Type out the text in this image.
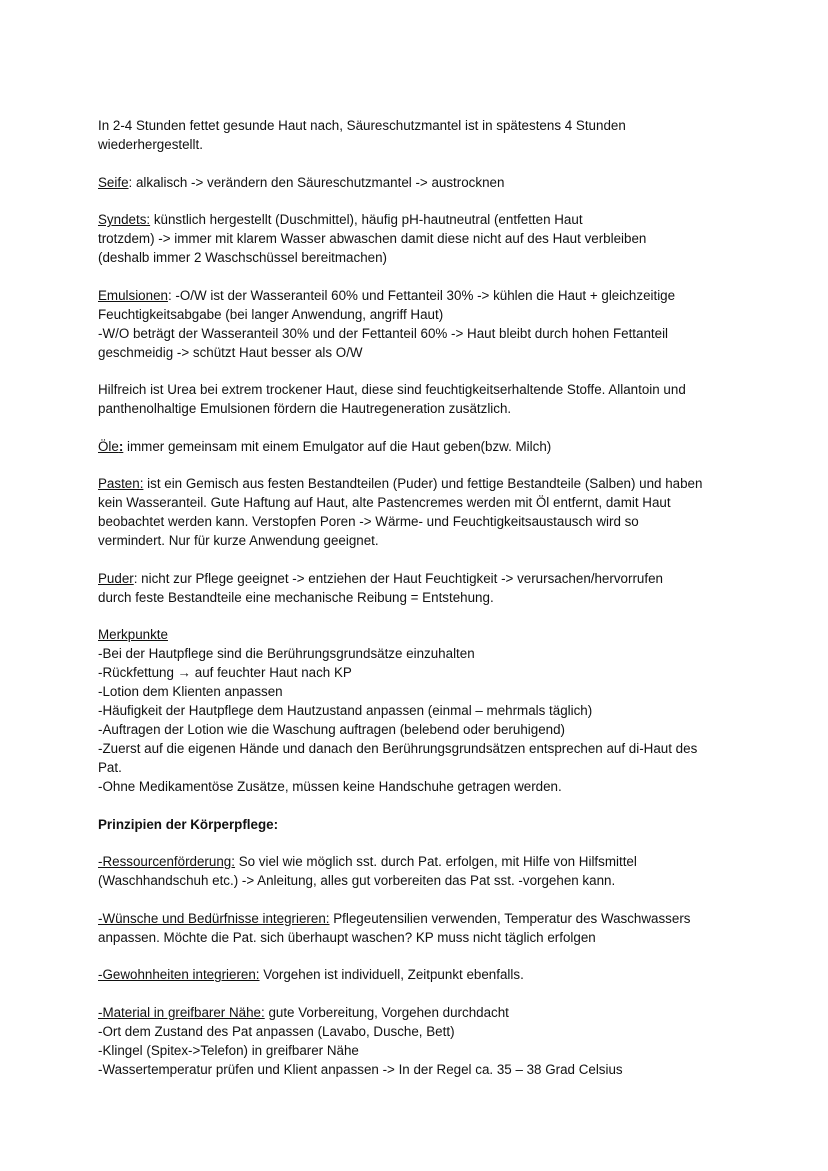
In 2-4 Stunden fettet gesunde Haut nach, Säureschutzmantel ist in spätestens 4 Stunden
wiederhergestellt.

Seife: alkalisch -> verändern den Säureschutzmantel -> austrocknen

Syndets: künstlich hergestellt (Duschmittel), häufig pH-hautneutral (entfetten Haut
trotzdem) -> immer mit klarem Wasser abwaschen damit diese nicht auf des Haut verbleiben
(deshalb immer 2 Waschschüssel bereitmachen)

Emulsionen: -O/W ist der Wasseranteil 60% und Fettanteil 30% -> kühlen die Haut + gleichzeitige
Feuchtigkeitsabgabe (bei langer Anwendung, angriff Haut)
-W/O beträgt der Wasseranteil 30% und der Fettanteil 60% -> Haut bleibt durch hohen Fettanteil
geschmeidig -> schützt Haut besser als O/W

Hilfreich ist Urea bei extrem trockener Haut, diese sind feuchtigkeitserhaltende Stoffe. Allantoin und
panthenolhaltige Emulsionen fördern die Hautregeneration zusätzlich.

Öle: immer gemeinsam mit einem Emulgator auf die Haut geben(bzw. Milch)

Pasten: ist ein Gemisch aus festen Bestandteilen (Puder) und fettige Bestandteile (Salben) und haben
kein Wasseranteil. Gute Haftung auf Haut, alte Pastencremes werden mit Öl entfernt, damit Haut
beobachtet werden kann. Verstopfen Poren -> Wärme- und Feuchtigkeitsaustausch wird so
vermindert. Nur für kurze Anwendung geeignet.

Puder: nicht zur Pflege geeignet -> entziehen der Haut Feuchtigkeit -> verursachen/hervorrufen
durch feste Bestandteile eine mechanische Reibung = Entstehung.

Merkpunkte
-Bei der Hautpflege sind die Berührungsgrundsätze einzuhalten
-Rückfettung → auf feuchter Haut nach KP
-Lotion dem Klienten anpassen
-Häufigkeit der Hautpflege dem Hautzustand anpassen (einmal – mehrmals täglich)
-Auftragen der Lotion wie die Waschung auftragen (belebend oder beruhigend)
-Zuerst auf die eigenen Hände und danach den Berührungsgrundsätzen entsprechen auf di-Haut des
Pat.
-Ohne Medikamentöse Zusätze, müssen keine Handschuhe getragen werden.

Prinzipien der Körperpflege:

-Ressourcenförderung: So viel wie möglich sst. durch Pat. erfolgen, mit Hilfe von Hilfsmittel
(Waschhandschuh etc.) -> Anleitung, alles gut vorbereiten das Pat sst. -vorgehen kann.

-Wünsche und Bedürfnisse integrieren: Pflegeutensilien verwenden, Temperatur des Waschwassers
anpassen. Möchte die Pat. sich überhaupt waschen? KP muss nicht täglich erfolgen

-Gewohnheiten integrieren: Vorgehen ist individuell, Zeitpunkt ebenfalls.

-Material in greifbarer Nähe: gute Vorbereitung, Vorgehen durchdacht
-Ort dem Zustand des Pat anpassen (Lavabo, Dusche, Bett)
-Klingel (Spitex->Telefon) in greifbarer Nähe
-Wassertemperatur prüfen und Klient anpassen -> In der Regel ca. 35 – 38 Grad Celsius
